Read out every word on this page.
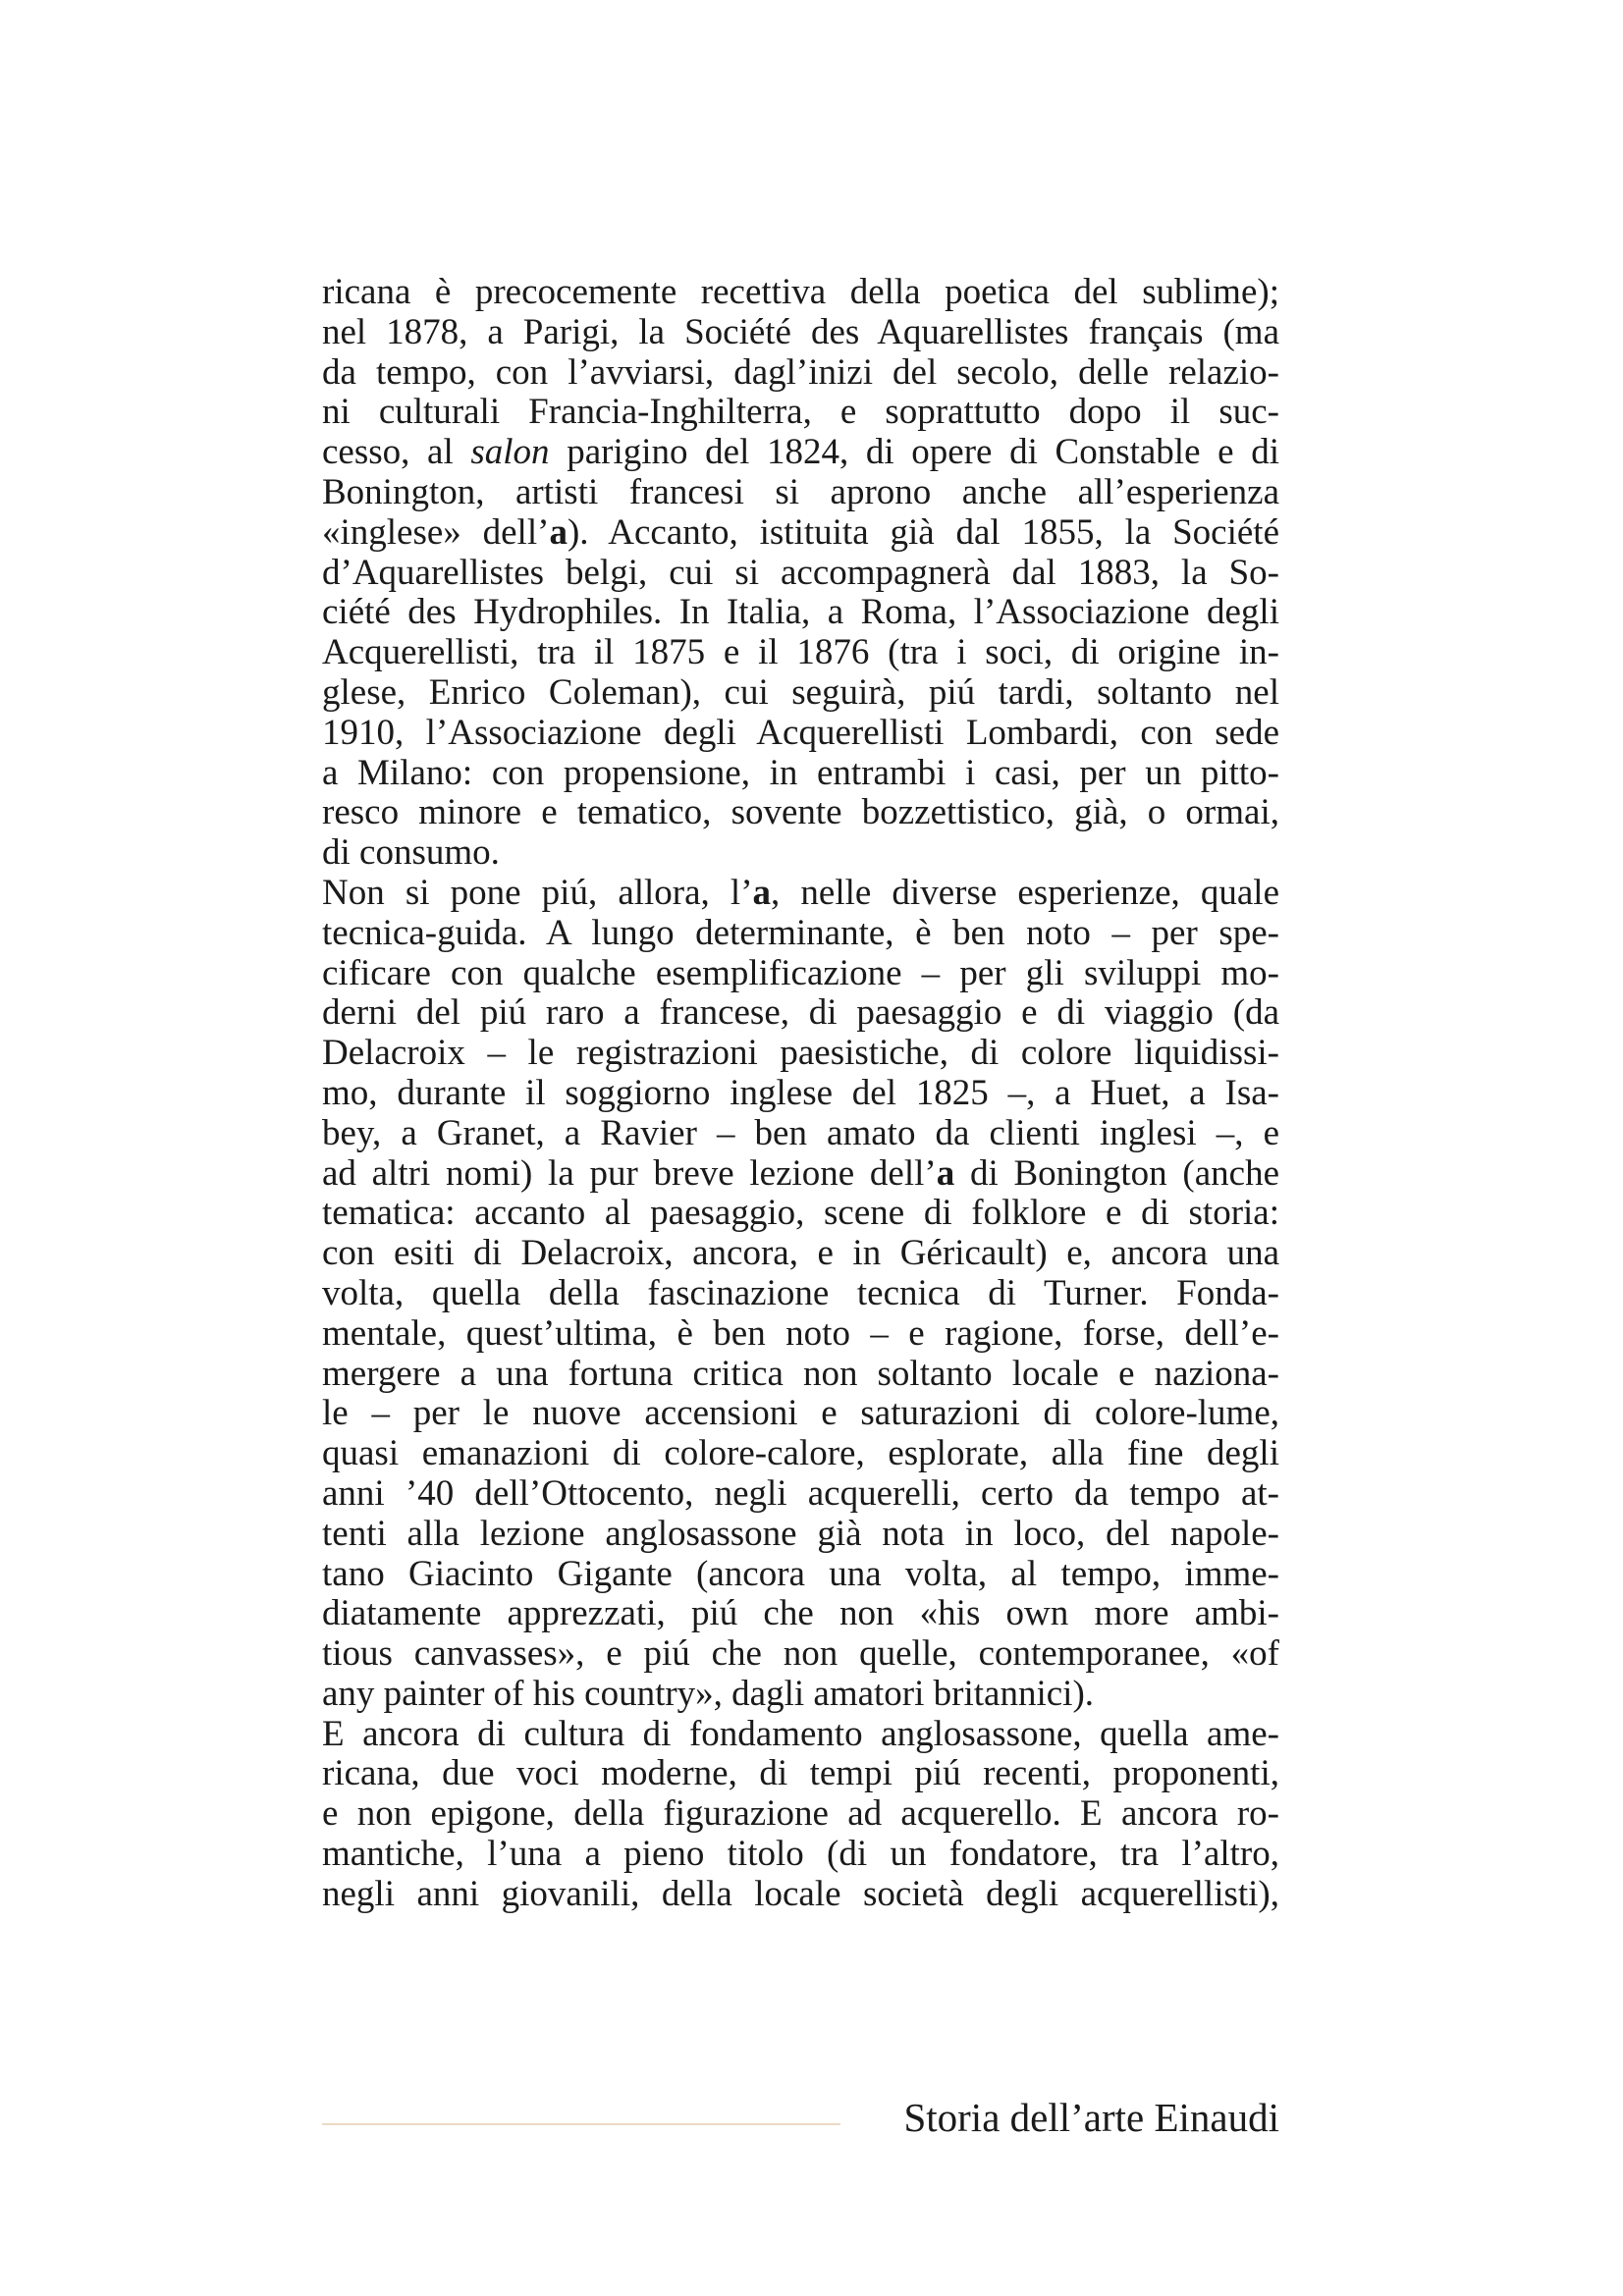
ricana è precocemente recettiva della poetica del sublime);
nel 1878, a Parigi, la Société des Aquarellistes français (ma
da tempo, con l’avviarsi, dagl’inizi del secolo, delle relazio-
ni culturali Francia-Inghilterra, e soprattutto dopo il suc-
cesso, al salon parigino del 1824, di opere di Constable e di
Bonington, artisti francesi si aprono anche all’esperienza
«inglese» dell’a). Accanto, istituita già dal 1855, la Société
d’Aquarellistes belgi, cui si accompagnerà dal 1883, la So-
ciété des Hydrophiles. In Italia, a Roma, l’Associazione degli
Acquerellisti, tra il 1875 e il 1876 (tra i soci, di origine in-
glese, Enrico Coleman), cui seguirà, piú tardi, soltanto nel
1910, l’Associazione degli Acquerellisti Lombardi, con sede
a Milano: con propensione, in entrambi i casi, per un pitto-
resco minore e tematico, sovente bozzettistico, già, o ormai,
di consumo.
Non si pone piú, allora, l’a, nelle diverse esperienze, quale
tecnica-guida. A lungo determinante, è ben noto – per spe-
cificare con qualche esemplificazione – per gli sviluppi mo-
derni del piú raro a francese, di paesaggio e di viaggio (da
Delacroix – le registrazioni paesistiche, di colore liquidissi-
mo, durante il soggiorno inglese del 1825 –, a Huet, a Isa-
bey, a Granet, a Ravier – ben amato da clienti inglesi –, e
ad altri nomi) la pur breve lezione dell’a di Bonington (anche
tematica: accanto al paesaggio, scene di folklore e di storia:
con esiti di Delacroix, ancora, e in Géricault) e, ancora una
volta, quella della fascinazione tecnica di Turner. Fonda-
mentale, quest’ultima, è ben noto – e ragione, forse, dell’e-
mergere a una fortuna critica non soltanto locale e naziona-
le – per le nuove accensioni e saturazioni di colore-lume,
quasi emanazioni di colore-calore, esplorate, alla fine degli
anni ’40 dell’Ottocento, negli acquerelli, certo da tempo at-
tenti alla lezione anglosassone già nota in loco, del napole-
tano Giacinto Gigante (ancora una volta, al tempo, imme-
diatamente apprezzati, piú che non «his own more ambi-
tious canvasses», e piú che non quelle, contemporanee, «of
any painter of his country», dagli amatori britannici).
E ancora di cultura di fondamento anglosassone, quella ame-
ricana, due voci moderne, di tempi piú recenti, proponenti,
e non epigone, della figurazione ad acquerello. E ancora ro-
mantiche, l’una a pieno titolo (di un fondatore, tra l’altro,
negli anni giovanili, della locale società degli acquerellisti),
Storia dell’arte Einaudi
